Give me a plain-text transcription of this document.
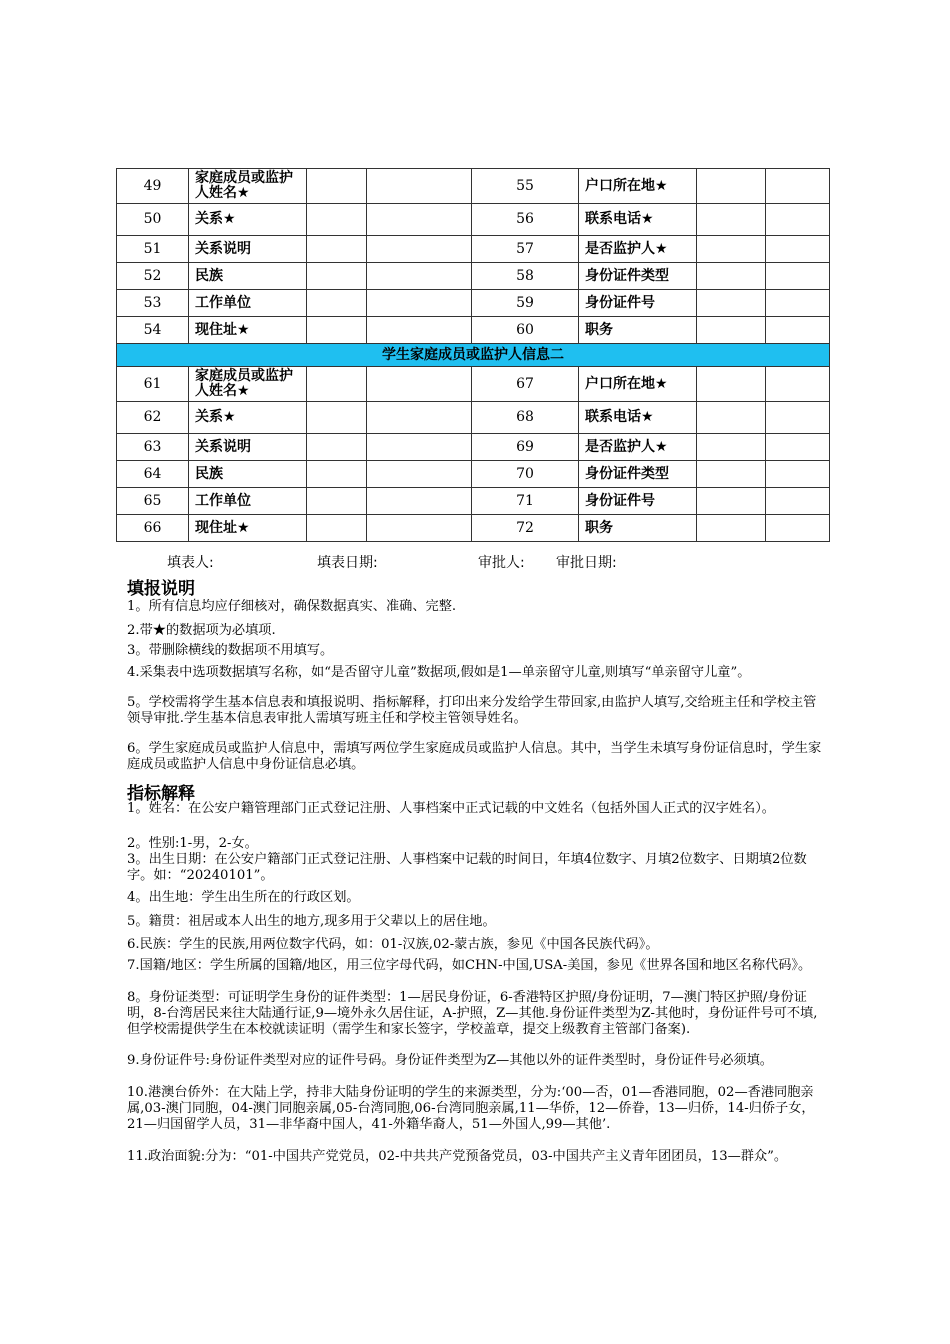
49	家庭成员或监护人姓名★			55	户口所在地★		
50	关系★			56	联系电话★		
51	关系说明			57	是否监护人★		
52	民族			58	身份证件类型		
53	工作单位			59	身份证件号		
54	现住址★			60	职务		
学生家庭成员或监护人信息二							
61	家庭成员或监护人姓名★			67	户口所在地★		
62	关系★			68	联系电话★		
63	关系说明			69	是否监护人★		
64	民族			70	身份证件类型		
65	工作单位			71	身份证件号		
66	现住址★			72	职务		
填表人:	填表日期:	审批人: 审批日期:
填报说明
1。所有信息均应仔细核对，确保数据真实、准确、完整.
2.带★的数据项为必填项.
3。带删除横线的数据项不用填写。
4.采集表中选项数据填写名称，如“是否留守儿童”数据项,假如是1—单亲留守儿童,则填写“单亲留守儿童”。
5。学校需将学生基本信息表和填报说明、指标解释，打印出来分发给学生带回家,由监护人填写,交给班主任和学校主管领导审批.学生基本信息表审批人需填写班主任和学校主管领导姓名。
6。学生家庭成员或监护人信息中，需填写两位学生家庭成员或监护人信息。其中，当学生未填写身份证信息时，学生家庭成员或监护人信息中身份证信息必填。
指标解释
1。姓名：在公安户籍管理部门正式登记注册、人事档案中正式记载的中文姓名（包括外国人正式的汉字姓名）。
2。性别:1-男，2-女。
3。出生日期：在公安户籍部门正式登记注册、人事档案中记载的时间日，年填4位数字、月填2位数字、日期填2位数字。如：“20240101”。
4。出生地：学生出生所在的行政区划。
5。籍贯：祖居或本人出生的地方,现多用于父辈以上的居住地。
6.民族：学生的民族,用两位数字代码，如：01-汉族,02-蒙古族，参见《中国各民族代码》。
7.国籍/地区：学生所属的国籍/地区，用三位字母代码，如CHN-中国,USA-美国，参见《世界各国和地区名称代码》。
8。身份证类型：可证明学生身份的证件类型：1—居民身份证，6-香港特区护照/身份证明，7—澳门特区护照/身份证明，8-台湾居民来往大陆通行证,9—境外永久居住证，A-护照，Z—其他.身份证件类型为Z-其他时，身份证件号可不填,但学校需提供学生在本校就读证明（需学生和家长签字，学校盖章，提交上级教育主管部门备案).
9.身份证件号:身份证件类型对应的证件号码。身份证件类型为Z—其他以外的证件类型时，身份证件号必须填。
10.港澳台侨外：在大陆上学，持非大陆身份证明的学生的来源类型，分为:‘00—否，01—香港同胞，02—香港同胞亲属,03-澳门同胞，04-澳门同胞亲属,05-台湾同胞,06-台湾同胞亲属,11—华侨，12—侨眷，13—归侨，14-归侨子女，21—归国留学人员，31—非华裔中国人，41-外籍华裔人，51—外国人,99—其他’.
11.政治面貌:分为：“01-中国共产党党员，02-中共共产党预备党员，03-中国共产主义青年团团员，13—群众”。
